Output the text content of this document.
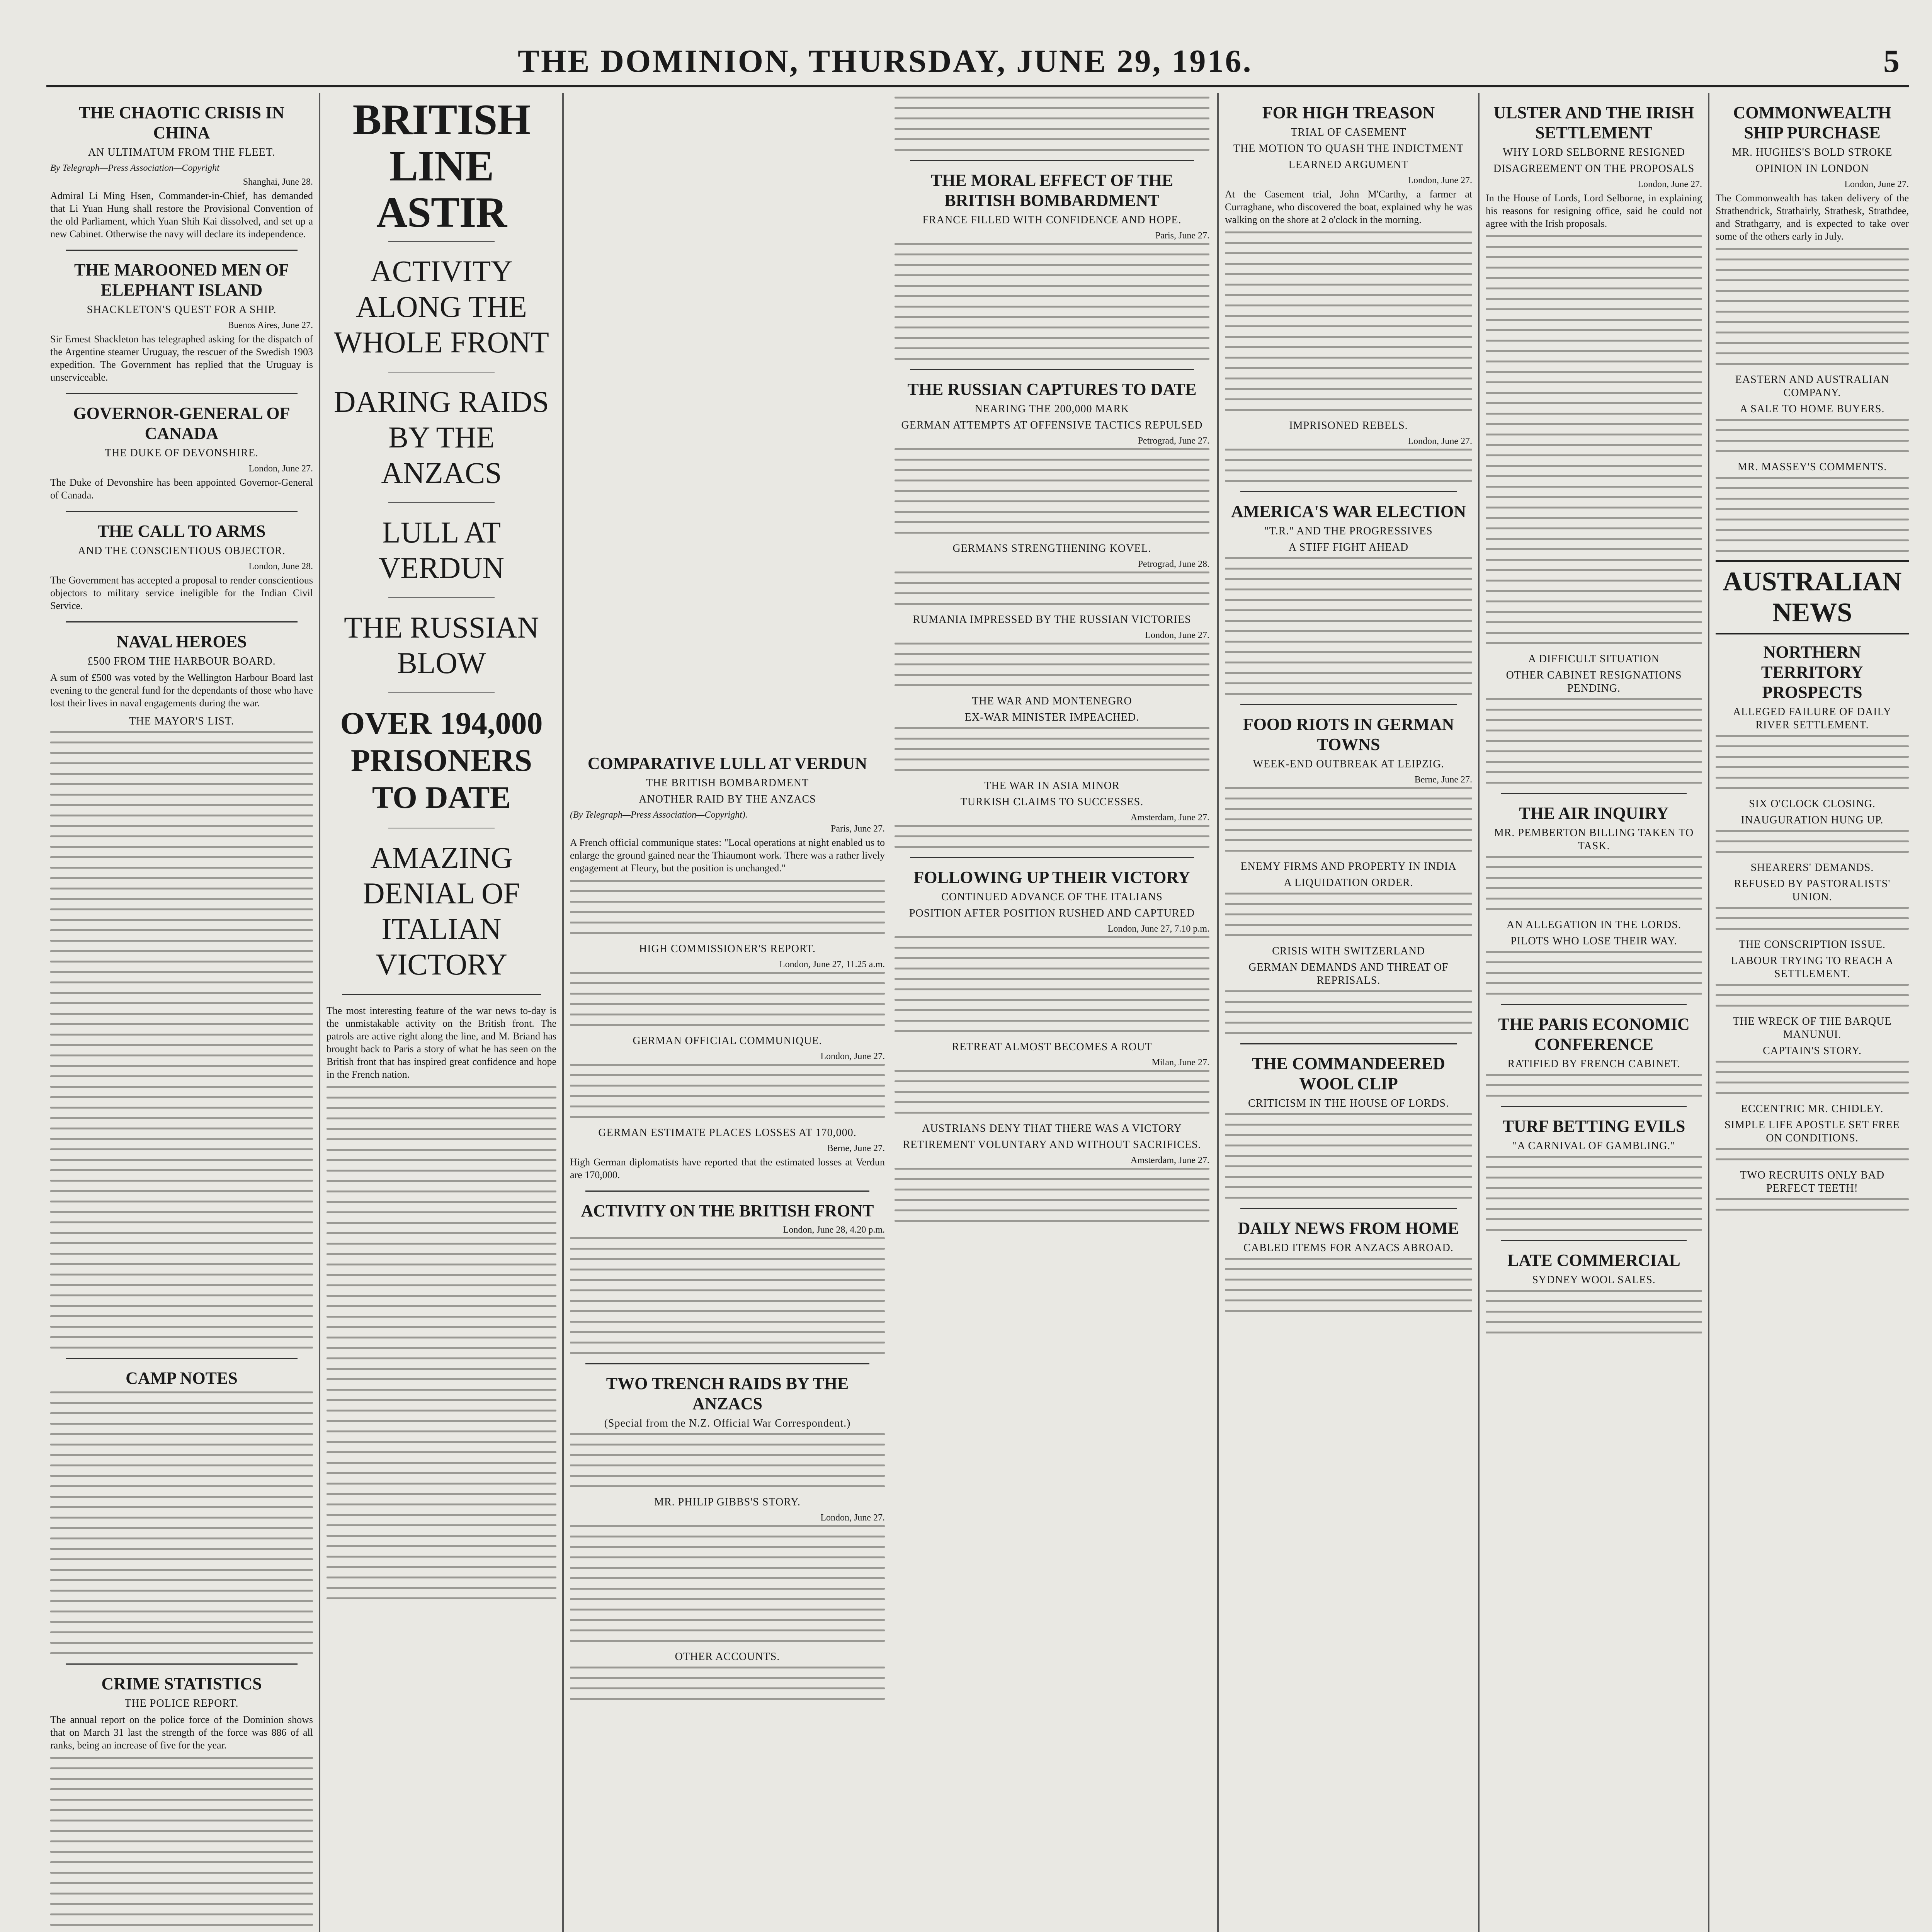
THE DOMINION, THURSDAY, JUNE 29, 1916.	5
THE CHAOTIC CRISIS IN CHINA
AN ULTIMATUM FROM THE FLEET.
By Telegraph—Press Association—Copyright
Shanghai, June 28.

Admiral Li Ming Hsen, Commander-in-Chief, has demanded that Li Yuan Hung shall restore the Provisional Convention of the old Parliament, which Yuan Shih Kai dissolved, and set up a new Cabinet. Otherwise the navy will declare its independence.

THE MAROONED MEN OF ELEPHANT ISLAND
SHACKLETON'S QUEST FOR A SHIP.
Buenos Aires, June 27.

Sir Ernest Shackleton has telegraphed asking for the dispatch of the Argentine steamer Uruguay, the rescuer of the Swedish 1903 expedition. The Government has replied that the Uruguay is unserviceable.

GOVERNOR-GENERAL OF CANADA
THE DUKE OF DEVONSHIRE.
London, June 27.

The Duke of Devonshire has been appointed Governor-General of Canada.

THE CALL TO ARMS
AND THE CONSCIENTIOUS OBJECTOR.
London, June 28.

The Government has accepted a proposal to render conscientious objectors to military service ineligible for the Indian Civil Service.

NAVAL HEROES
£500 FROM THE HARBOUR BOARD.

A sum of £500 was voted by the Wellington Harbour Board last evening to the general fund for the dependants of those who have lost their lives in naval engagements during the war.

THE MAYOR'S LIST.
CAMP NOTES
CRIME STATISTICS
THE POLICE REPORT.

The annual report on the police force of the Dominion shows that on March 31 last the strength of the force was 886 of all ranks, being an increase of five for the year.

BRITISH LINE ASTIR
ACTIVITY ALONG THE WHOLE FRONT
DARING RAIDS BY THE ANZACS
LULL AT VERDUN
THE RUSSIAN BLOW
OVER 194,000 PRISONERS TO DATE
AMAZING DENIAL OF ITALIAN VICTORY

The most interesting feature of the war news to-day is the unmistakable activity on the British front. The patrols are active right along the line, and M. Briand has brought back to Paris a story of what he has seen on the British front that has inspired great confidence and hope in the French nation.

COMPARATIVE LULL AT VERDUN
THE BRITISH BOMBARDMENT
ANOTHER RAID BY THE ANZACS
(By Telegraph—Press Association—Copyright).
Paris, June 27.

A French official communique states: "Local operations at night enabled us to enlarge the ground gained near the Thiaumont work. There was a rather lively engagement at Fleury, but the position is unchanged."

HIGH COMMISSIONER'S REPORT.
London, June 27, 11.25 a.m.
GERMAN OFFICIAL COMMUNIQUE.
London, June 27.
GERMAN ESTIMATE PLACES LOSSES AT 170,000.
Berne, June 27.

High German diplomatists have reported that the estimated losses at Verdun are 170,000.

ACTIVITY ON THE BRITISH FRONT
London, June 28, 4.20 p.m.
TWO TRENCH RAIDS BY THE ANZACS
(Special from the N.Z. Official War Correspondent.)
MR. PHILIP GIBBS'S STORY.
London, June 27.
OTHER ACCOUNTS.
THE MORAL EFFECT OF THE BRITISH BOMBARDMENT
FRANCE FILLED WITH CONFIDENCE AND HOPE.
Paris, June 27.
THE RUSSIAN CAPTURES TO DATE
NEARING THE 200,000 MARK
GERMAN ATTEMPTS AT OFFENSIVE TACTICS REPULSED
Petrograd, June 27.
GERMANS STRENGTHENING KOVEL.
Petrograd, June 28.
RUMANIA IMPRESSED BY THE RUSSIAN VICTORIES
London, June 27.
THE WAR AND MONTENEGRO
EX-WAR MINISTER IMPEACHED.
THE WAR IN ASIA MINOR
TURKISH CLAIMS TO SUCCESSES.
Amsterdam, June 27.
FOLLOWING UP THEIR VICTORY
CONTINUED ADVANCE OF THE ITALIANS
POSITION AFTER POSITION RUSHED AND CAPTURED
London, June 27, 7.10 p.m.
RETREAT ALMOST BECOMES A ROUT
Milan, June 27.
AUSTRIANS DENY THAT THERE WAS A VICTORY
RETIREMENT VOLUNTARY AND WITHOUT SACRIFICES.
Amsterdam, June 27.
FOR HIGH TREASON
TRIAL OF CASEMENT
THE MOTION TO QUASH THE INDICTMENT
LEARNED ARGUMENT
London, June 27.

At the Casement trial, John M'Carthy, a farmer at Curraghane, who discovered the boat, explained why he was walking on the shore at 2 o'clock in the morning.

IMPRISONED REBELS.
London, June 27.
AMERICA'S WAR ELECTION
"T.R." AND THE PROGRESSIVES
A STIFF FIGHT AHEAD
FOOD RIOTS IN GERMAN TOWNS
WEEK-END OUTBREAK AT LEIPZIG.
Berne, June 27.
ENEMY FIRMS AND PROPERTY IN INDIA
A LIQUIDATION ORDER.
CRISIS WITH SWITZERLAND
GERMAN DEMANDS AND THREAT OF REPRISALS.
THE COMMANDEERED WOOL CLIP
CRITICISM IN THE HOUSE OF LORDS.
DAILY NEWS FROM HOME
CABLED ITEMS FOR ANZACS ABROAD.
ULSTER AND THE IRISH SETTLEMENT
WHY LORD SELBORNE RESIGNED
DISAGREEMENT ON THE PROPOSALS
London, June 27.

In the House of Lords, Lord Selborne, in explaining his reasons for resigning office, said he could not agree with the Irish proposals.

A DIFFICULT SITUATION
OTHER CABINET RESIGNATIONS PENDING.
THE AIR INQUIRY
MR. PEMBERTON BILLING TAKEN TO TASK.
AN ALLEGATION IN THE LORDS.
PILOTS WHO LOSE THEIR WAY.
THE PARIS ECONOMIC CONFERENCE
RATIFIED BY FRENCH CABINET.
TURF BETTING EVILS
"A CARNIVAL OF GAMBLING."
LATE COMMERCIAL
SYDNEY WOOL SALES.
COMMONWEALTH SHIP PURCHASE
MR. HUGHES'S BOLD STROKE
OPINION IN LONDON
London, June 27.

The Commonwealth has taken delivery of the Strathendrick, Strathairly, Strathesk, Strathdee, and Strathgarry, and is expected to take over some of the others early in July.

EASTERN AND AUSTRALIAN COMPANY.
A SALE TO HOME BUYERS.
MR. MASSEY'S COMMENTS.
AUSTRALIAN NEWS
NORTHERN TERRITORY PROSPECTS
ALLEGED FAILURE OF DAILY RIVER SETTLEMENT.
SIX O'CLOCK CLOSING.
INAUGURATION HUNG UP.
SHEARERS' DEMANDS.
REFUSED BY PASTORALISTS' UNION.
THE CONSCRIPTION ISSUE.
LABOUR TRYING TO REACH A SETTLEMENT.
THE WRECK OF THE BARQUE MANUNUI.
CAPTAIN'S STORY.
ECCENTRIC MR. CHIDLEY.
SIMPLE LIFE APOSTLE SET FREE ON CONDITIONS.
TWO RECRUITS ONLY BAD PERFECT TEETH!
